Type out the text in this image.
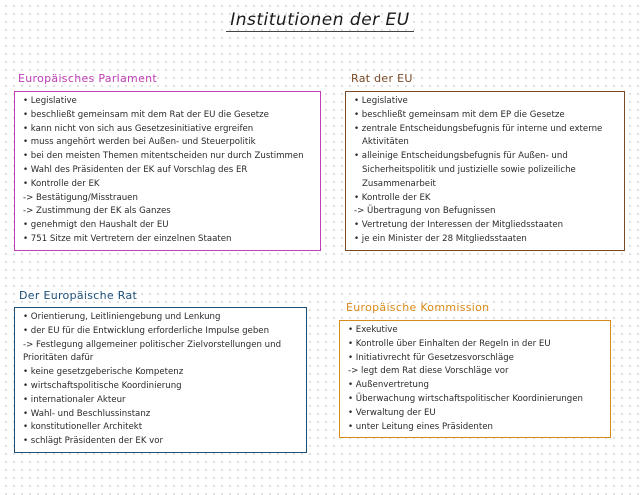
Institutionen der EU
Europäisches Parlament
• Legislative
• beschließt gemeinsam mit dem Rat der EU die Gesetze
• kann nicht von sich aus Gesetzesinitiative ergreifen
• muss angehört werden bei Außen- und Steuerpolitik
• bei den meisten Themen mitentscheiden nur durch Zustimmen
• Wahl des Präsidenten der EK auf Vorschlag des ER
• Kontrolle der EK
-> Bestätigung/Misstrauen
-> Zustimmung der EK als Ganzes
• genehmigt den Haushalt der EU
• 751 Sitze mit Vertretern der einzelnen Staaten
Rat der EU
• Legislative
• beschließt gemeinsam mit dem EP die Gesetze
• zentrale Entscheidungsbefugnis für interne und externe
Aktivitäten
• alleinige Entscheidungsbefugnis für Außen- und
Sicherheitspolitik und justizielle sowie polizeiliche
Zusammenarbeit
• Kontrolle der EK
-> Übertragung von Befugnissen
• Vertretung der Interessen der Mitgliedsstaaten
• je ein Minister der 28 Mitgliedsstaaten
Der Europäische Rat
• Orientierung, Leitliniengebung und Lenkung
• der EU für die Entwicklung erforderliche Impulse geben
-> Festlegung allgemeiner politischer Zielvorstellungen und
Prioritäten dafür
• keine gesetzgeberische Kompetenz
• wirtschaftspolitische Koordinierung
• internationaler Akteur
• Wahl- und Beschlussinstanz
• konstitutioneller Architekt
• schlägt Präsidenten der EK vor
Europäische Kommission
• Exekutive
• Kontrolle über Einhalten der Regeln in der EU
• Initiativrecht für Gesetzesvorschläge
-> legt dem Rat diese Vorschläge vor
• Außenvertretung
• Überwachung wirtschaftspolitischer Koordinierungen
• Verwaltung der EU
• unter Leitung eines Präsidenten
